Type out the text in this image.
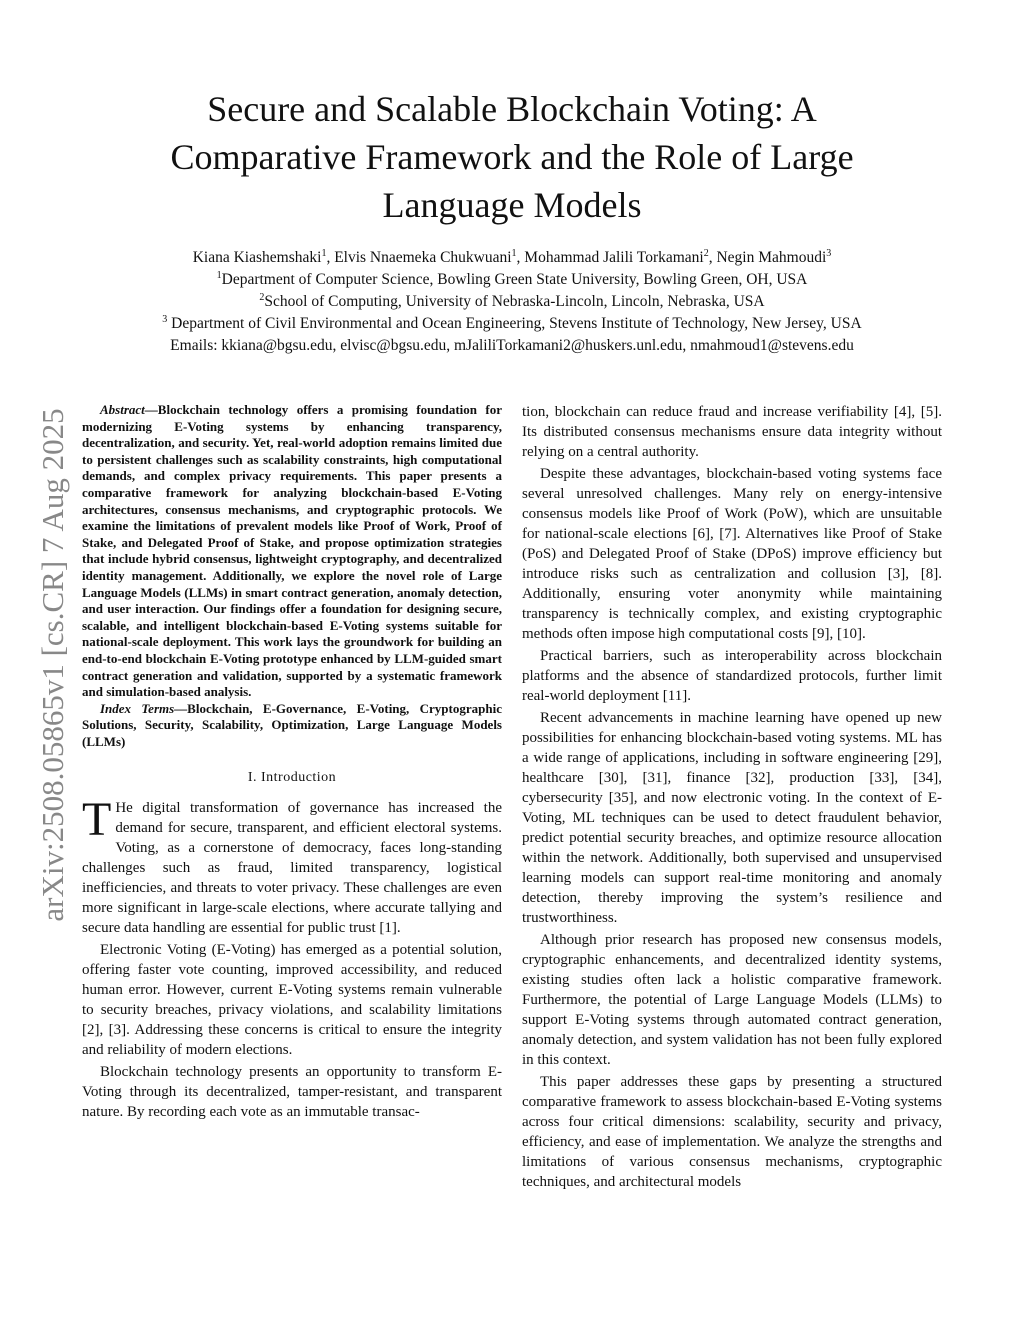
Secure and Scalable Blockchain Voting: A
Comparative Framework and the Role of Large
Language Models
Kiana Kiashemshaki$^1$, Elvis Nnaemeka Chukwuani$^1$, Mohammad Jalili Torkamani$^2$, Negin Mahmoudi$^3$
$^1$Department of Computer Science, Bowling Green State University, Bowling Green, OH, USA
$^2$School of Computing, University of Nebraska-Lincoln, Lincoln, Nebraska, USA
$^3$ Department of Civil Environmental and Ocean Engineering, Stevens Institute of Technology, New Jersey, USA
Emails: kkiana@bgsu.edu, elvisc@bgsu.edu, mJaliliTorkamani2@huskers.unl.edu, nmahmoud1@stevens.edu
arXiv:2508.05865v1 [cs.CR] 7 Aug 2025	Abstract—Blockchain technology offers a promising foundation for modernizing E-Voting systems by enhancing transparency, decentralization, and security. Yet, real-world adoption remains limited due to persistent challenges such as scalability constraints, high computational demands, and complex privacy requirements. This paper presents a comparative framework for analyzing blockchain-based E-Voting architectures, consensus mechanisms, and cryptographic protocols. We examine the limitations of prevalent models like Proof of Work, Proof of Stake, and Delegated Proof of Stake, and propose optimization strategies that include hybrid consensus, lightweight cryptography, and decentralized identity management. Additionally, we explore the novel role of Large Language Models (LLMs) in smart contract generation, anomaly detection, and user interaction. Our findings offer a foundation for designing secure, scalable, and intelligent blockchain-based E-Voting systems suitable for national-scale deployment. This work lays the groundwork for building an end-to-end blockchain E-Voting prototype enhanced by LLM-guided smart contract generation and validation, supported by a systematic framework and simulation-based analysis.

Index Terms—Blockchain, E-Governance, E-Voting, Cryptographic Solutions, Security, Scalability, Optimization, Large Language Models (LLMs)

I. Introduction

T He digital transformation of governance has increased the demand for secure, transparent, and efficient electoral systems. Voting, as a cornerstone of democracy, faces long-standing challenges such as fraud, limited transparency, logistical inefficiencies, and threats to voter privacy. These challenges are even more significant in large-scale elections, where accurate tallying and secure data handling are essential for public trust [1].

Electronic Voting (E-Voting) has emerged as a potential solution, offering faster vote counting, improved accessibility, and reduced human error. However, current E-Voting systems remain vulnerable to security breaches, privacy violations, and scalability limitations [2], [3]. Addressing these concerns is critical to ensure the integrity and reliability of modern elections.

Blockchain technology presents an opportunity to transform E-Voting through its decentralized, tamper-resistant, and transparent nature. By recording each vote as an immutable transac-

tion, blockchain can reduce fraud and increase verifiability [4], [5]. Its distributed consensus mechanisms ensure data integrity without relying on a central authority.

Despite these advantages, blockchain-based voting systems face several unresolved challenges. Many rely on energy-intensive consensus models like Proof of Work (PoW), which are unsuitable for national-scale elections [6], [7]. Alternatives like Proof of Stake (PoS) and Delegated Proof of Stake (DPoS) improve efficiency but introduce risks such as centralization and collusion [3], [8]. Additionally, ensuring voter anonymity while maintaining transparency is technically complex, and existing cryptographic methods often impose high computational costs [9], [10].

Practical barriers, such as interoperability across blockchain platforms and the absence of standardized protocols, further limit real-world deployment [11].

Recent advancements in machine learning have opened up new possibilities for enhancing blockchain-based voting systems. ML has a wide range of applications, including in software engineering [29], healthcare [30], [31], finance [32], production [33], [34], cybersecurity [35], and now electronic voting. In the context of E-Voting, ML techniques can be used to detect fraudulent behavior, predict potential security breaches, and optimize resource allocation within the network. Additionally, both supervised and unsupervised learning models can support real-time monitoring and anomaly detection, thereby improving the system’s resilience and trustworthiness.

Although prior research has proposed new consensus models, cryptographic enhancements, and decentralized identity systems, existing studies often lack a holistic comparative framework. Furthermore, the potential of Large Language Models (LLMs) to support E-Voting systems through automated contract generation, anomaly detection, and system validation has not been fully explored in this context.

This paper addresses these gaps by presenting a structured comparative framework to assess blockchain-based E-Voting systems across four critical dimensions: scalability, security and privacy, efficiency, and ease of implementation. We analyze the strengths and limitations of various consensus mechanisms, cryptographic techniques, and architectural models
